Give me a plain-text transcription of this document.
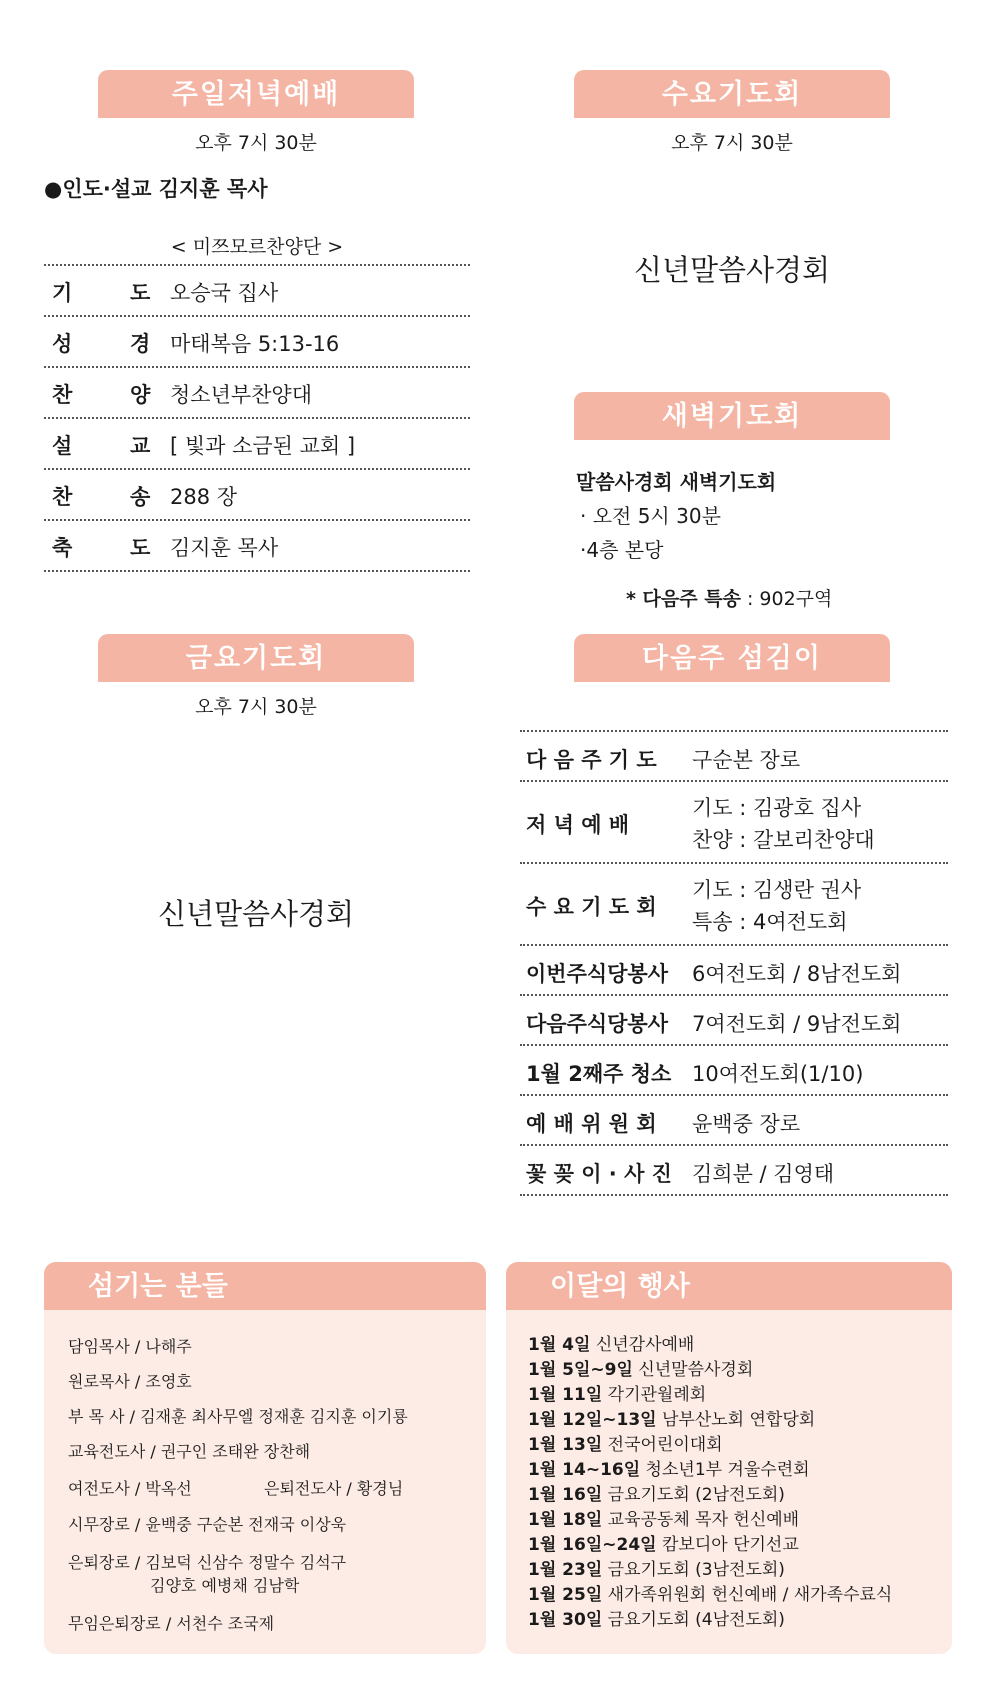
주일저녁예배
오후 7시 30분
●인도·설교 김지훈 목사
< 미쯔모르찬양단 >
기	도 오승국 집사
성	경 마태복음 5:13-16
찬	양 청소년부찬양대
설	교 [ 빛과 소금된 교회 ]
찬	송 288 장
축	도 김지훈 목사
수요기도회
오후 7시 30분
신년말씀사경회
새벽기도회
말씀사경회 새벽기도회
· 오전 5시 30분
·4층 본당
* 다음주 특송 : 902구역
금요기도회
오후 7시 30분
신년말씀사경회
다음주 섬김이
다 음 주 기 도 구순본 장로
저 녁 예 배
기도 : 김광호 집사
찬양 : 갈보리찬양대
수 요 기 도 회
기도 : 김생란 권사
특송 : 4여전도회
이번주식당봉사 6여전도회 / 8남전도회
다음주식당봉사 7여전도회 / 9남전도회
1월 2째주 청소 10여전도회(1/10)
예 배 위 원 회 윤백중 장로
꽃 꽂 이 · 사 진 김희분 / 김영태
섬기는 분들
담임목사 / 나해주
원로목사 / 조영호
부 목 사 / 김재훈 최사무엘 정재훈 김지훈 이기룡
교육전도사 / 권구인 조태완 장찬해
여전도사 / 박옥선	은퇴전도사 / 황경님
시무장로 / 윤백중 구순본 전재국 이상욱
은퇴장로 / 김보덕 신삼수 정말수 김석구
김양호 예병채 김남학
무임은퇴장로 / 서천수 조국제
이달의 행사
1월 4일 신년감사예배
1월 5일~9일 신년말씀사경회
1월 11일 각기관월례회
1월 12일~13일 남부산노회 연합당회
1월 13일 전국어린이대회
1월 14~16일 청소년1부 겨울수련회
1월 16일 금요기도회 (2남전도회)
1월 18일 교육공동체 목자 헌신예배
1월 16일~24일 캄보디아 단기선교
1월 23일 금요기도회 (3남전도회)
1월 25일 새가족위원회 헌신예배 / 새가족수료식
1월 30일 금요기도회 (4남전도회)
